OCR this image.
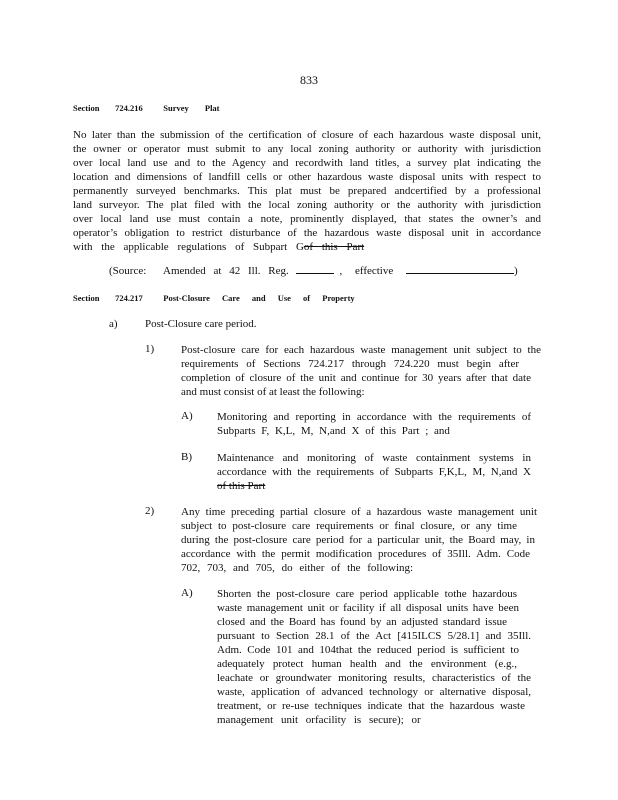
833
Section 724.216 Survey Plat
No later than the submission of the certification of closure of each hazardous waste disposal unit,
the owner or operator must submit to any local zoning authority or authority with jurisdiction
over local land use and to the Agency and recordwith land titles, a survey plat indicating the
location and dimensions of landfill cells or other hazardous waste disposal units with respect to
permanently surveyed benchmarks. This plat must be prepared andcertified by a professional
land surveyor. The plat filed with the local zoning authority or the authority with jurisdiction
over local land use must contain a note, prominently displayed, that states the owner’s and
operator’s obligation to restrict disturbance of the hazardous waste disposal unit in accordance
with the applicable regulations of Subpart Gof this Part
(Source: Amended at 42 Ill. Reg.	, effective	)
Section 724.217 Post-Closure Care and Use of Property
a) Post-Closure care period.
1) Post-closure care for each hazardous waste management unit subject to the
requirements of Sections 724.217 through 724.220 must begin after
completion of closure of the unit and continue for 30 years after that date
and must consist of at least the following:
A) Monitoring and reporting in accordance with the requirements of
Subparts F, K,L, M, N,and X of this Part ; and
B) Maintenance and monitoring of waste containment systems in
accordance with the requirements of Subparts F,K,L, M, N,and X
of this Part
2) Any time preceding partial closure of a hazardous waste management unit
subject to post-closure care requirements or final closure, or any time
during the post-closure care period for a particular unit, the Board may, in
accordance with the permit modification procedures of 35Ill. Adm. Code
702, 703, and 705, do either of the following:
A) Shorten the post-closure care period applicable tothe hazardous
waste management unit or facility if all disposal units have been
closed and the Board has found by an adjusted standard issue
pursuant to Section 28.1 of the Act [415ILCS 5/28.1] and 35Ill.
Adm. Code 101 and 104that the reduced period is sufficient to
adequately protect human health and the environment (e.g.,
leachate or groundwater monitoring results, characteristics of the
waste, application of advanced technology or alternative disposal,
treatment, or re-use techniques indicate that the hazardous waste
management unit orfacility is secure); or
